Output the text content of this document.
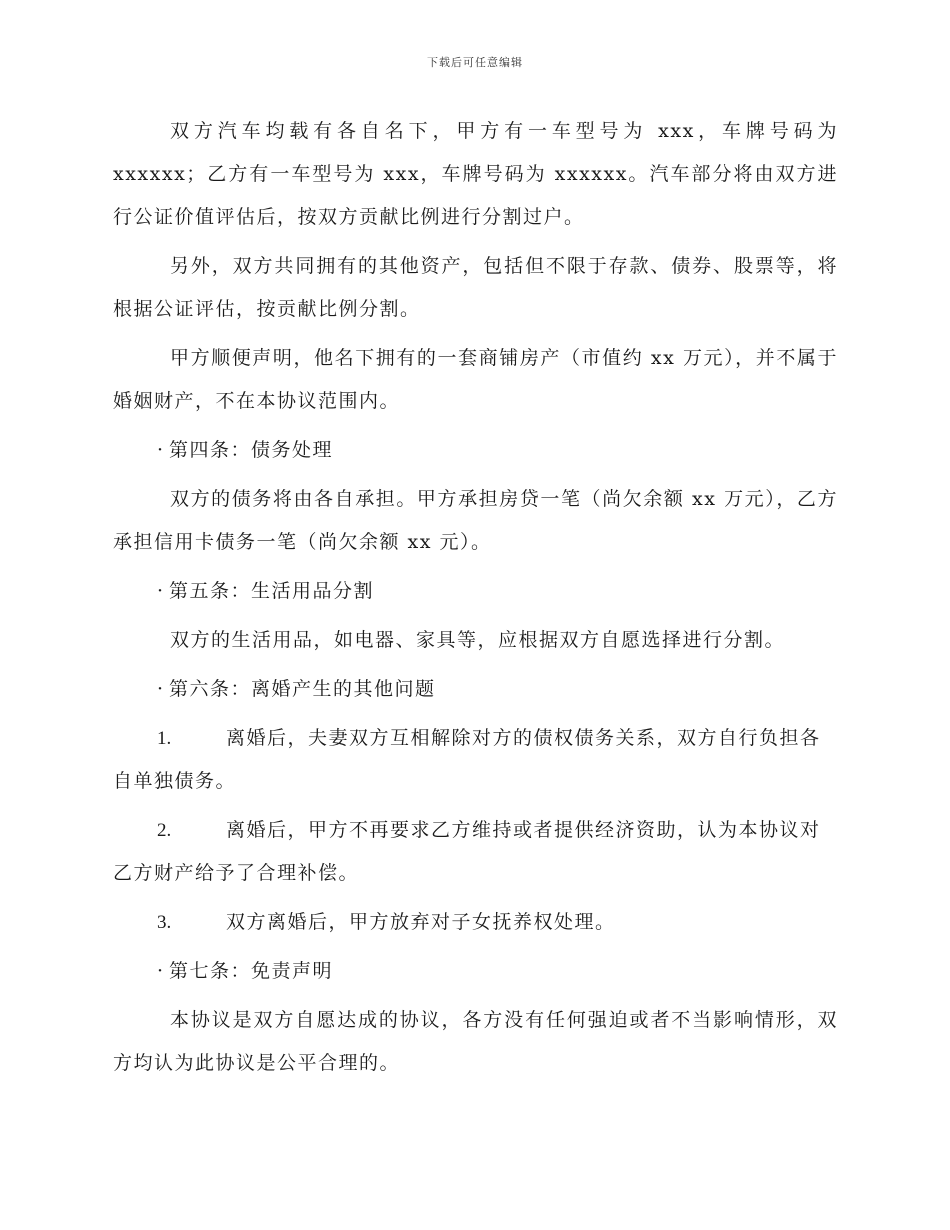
下载后可任意编辑

双方汽车均载有各自名下，甲方有一车型号为 xxx，车牌号码为 xxxxxx；乙方有一车型号为 xxx，车牌号码为 xxxxxx。汽车部分将由双方进行公证价值评估后，按双方贡献比例进行分割过户。

另外，双方共同拥有的其他资产，包括但不限于存款、债券、股票等，将根据公证评估，按贡献比例分割。

甲方顺便声明，他名下拥有的一套商铺房产（市值约 xx 万元），并不属于婚姻财产，不在本协议范围内。

· 第四条：债务处理

双方的债务将由各自承担。甲方承担房贷一笔（尚欠余额 xx 万元），乙方承担信用卡债务一笔（尚欠余额 xx 元）。

· 第五条：生活用品分割

双方的生活用品，如电器、家具等，应根据双方自愿选择进行分割。

· 第六条：离婚产生的其他问题

1.	离婚后，夫妻双方互相解除对方的债权债务关系，双方自行负担各自单独债务。

2.	离婚后，甲方不再要求乙方维持或者提供经济资助，认为本协议对乙方财产给予了合理补偿。

3.	双方离婚后，甲方放弃对子女抚养权处理。

· 第七条：免责声明

本协议是双方自愿达成的协议，各方没有任何强迫或者不当影响情形，双方均认为此协议是公平合理的。
